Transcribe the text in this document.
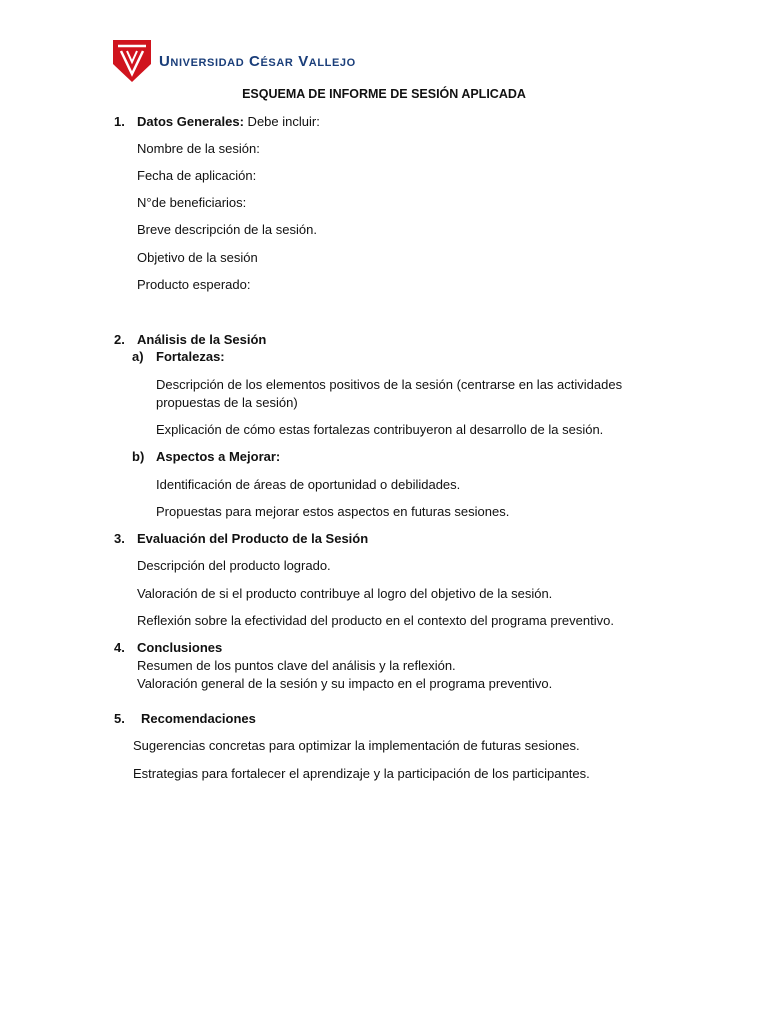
Universidad César Vallejo
ESQUEMA DE INFORME DE SESIÓN APLICADA
1. Datos Generales: Debe incluir:
Nombre de la sesión:
Fecha de aplicación:
N°de beneficiarios:
Breve descripción de la sesión.
Objetivo de la sesión
Producto esperado:
2. Análisis de la Sesión
a) Fortalezas:
Descripción de los elementos positivos de la sesión (centrarse en las actividades
propuestas de la sesión)
Explicación de cómo estas fortalezas contribuyeron al desarrollo de la sesión.
b) Aspectos a Mejorar:
Identificación de áreas de oportunidad o debilidades.
Propuestas para mejorar estos aspectos en futuras sesiones.
3. Evaluación del Producto de la Sesión
Descripción del producto logrado.
Valoración de si el producto contribuye al logro del objetivo de la sesión.
Reflexión sobre la efectividad del producto en el contexto del programa preventivo.
4. Conclusiones
Resumen de los puntos clave del análisis y la reflexión.
Valoración general de la sesión y su impacto en el programa preventivo.
5. Recomendaciones
Sugerencias concretas para optimizar la implementación de futuras sesiones.
Estrategias para fortalecer el aprendizaje y la participación de los participantes.
